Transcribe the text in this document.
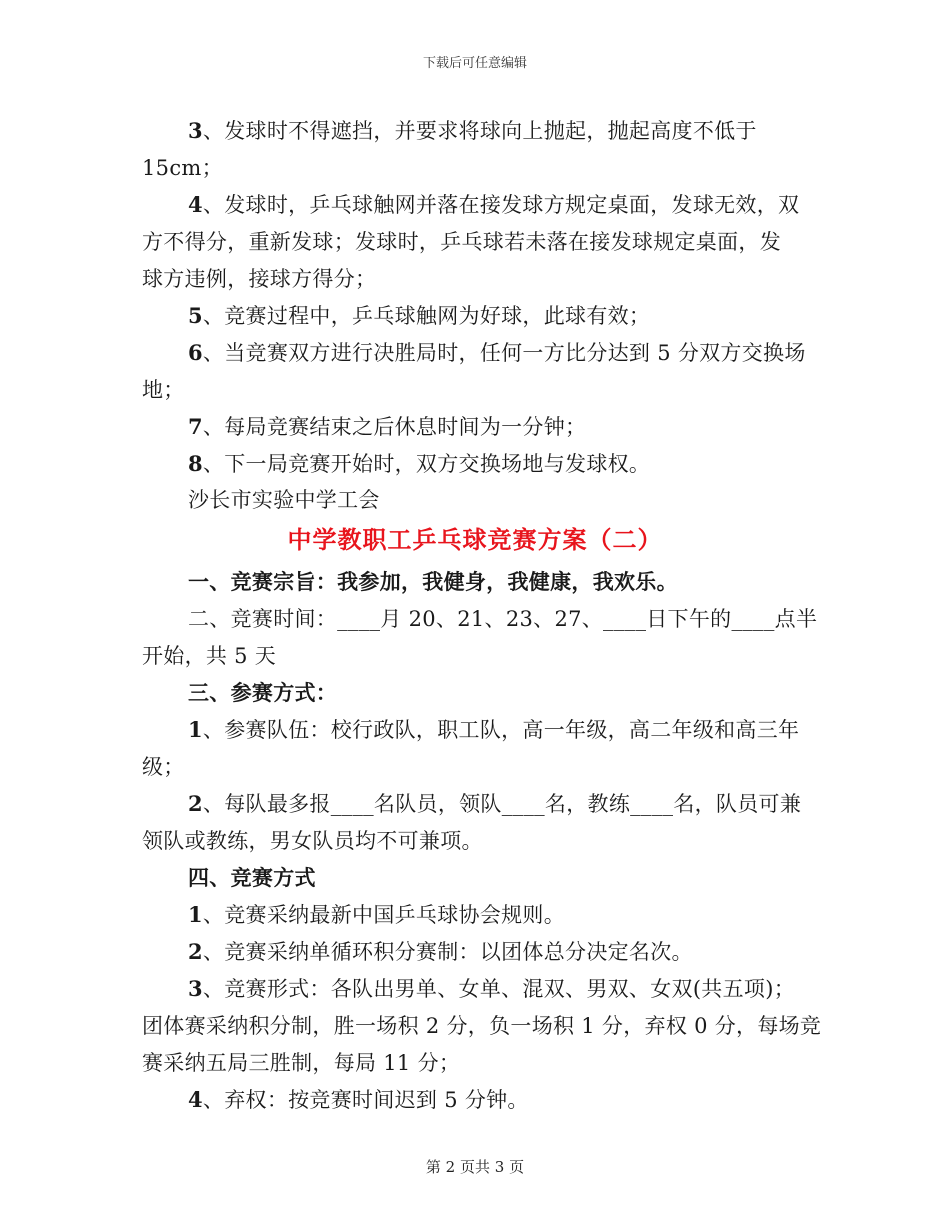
下载后可任意编辑
3、发球时不得遮挡，并要求将球向上抛起，抛起高度不低于
15cm；
4、发球时，乒乓球触网并落在接发球方规定桌面，发球无效，双
方不得分，重新发球；发球时，乒乓球若未落在接发球规定桌面，发
球方违例，接球方得分；
5、竞赛过程中，乒乓球触网为好球，此球有效；
6、当竞赛双方进行决胜局时，任何一方比分达到 5 分双方交换场
地；
7、每局竞赛结束之后休息时间为一分钟；
8、下一局竞赛开始时，双方交换场地与发球权。
沙长市实验中学工会
中学教职工乒乓球竞赛方案（二）
一、竞赛宗旨：我参加，我健身，我健康，我欢乐。
二、竞赛时间：____月 20、21、23、27、____日下午的____点半
开始，共 5 天
三、参赛方式：
1、参赛队伍：校行政队，职工队，高一年级，高二年级和高三年
级；
2、每队最多报____名队员，领队____名，教练____名，队员可兼
领队或教练，男女队员均不可兼项。
四、竞赛方式
1、竞赛采纳最新中国乒乓球协会规则。
2、竞赛采纳单循环积分赛制：以团体总分决定名次。
3、竞赛形式：各队出男单、女单、混双、男双、女双(共五项)；
团体赛采纳积分制，胜一场积 2 分，负一场积 1 分，弃权 0 分，每场竞
赛采纳五局三胜制，每局 11 分；
4、弃权：按竞赛时间迟到 5 分钟。
第 2 页共 3 页
